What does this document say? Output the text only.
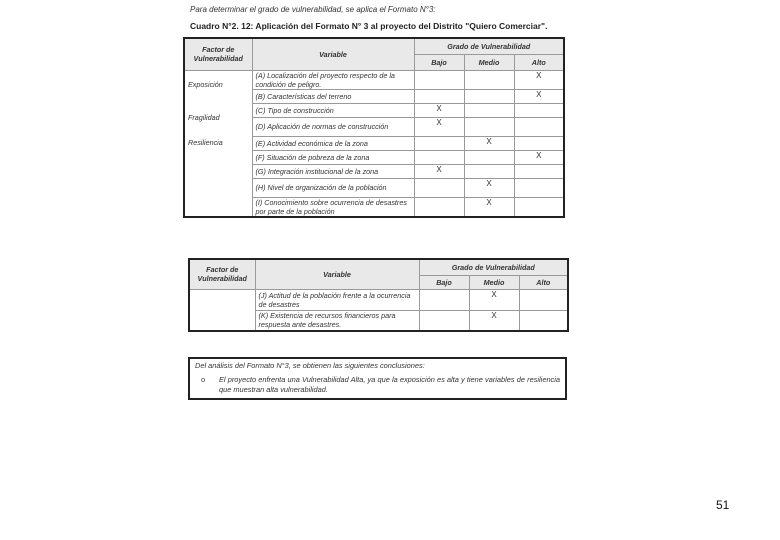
Para determinar el grado de vulnerabilidad, se aplica el Formato N°3:
Cuadro N°2. 12: Aplicación del Formato N° 3 al proyecto del Distrito "Quiero Comerciar".
Factor de Vulnerabilidad	Variable	Grado de Vulnerabilidad		
		Bajo	Medio	Alto
Exposición	(A) Localización del proyecto respecto de la condición de peligro.			X
	(B) Características del terreno			X
Fragilidad	(C) Tipo de construcción	X		
	(D) Aplicación de normas de construcción	X		
Resiliencia	(E) Actividad económica de la zona		X	
	(F) Situación de pobreza de la zona			X
	(G) Integración institucional de la zona	X		
	(H) Nivel de organización de la población		X	
	(I) Conocimiento sobre ocurrencia de desastres por parte de la población		X	
Factor de Vulnerabilidad	Variable	Grado de Vulnerabilidad		
		Bajo	Medio	Alto
	(J) Actitud de la población frente a la ocurrencia de desastres		X	
	(K) Existencia de recursos financieros para respuesta ante desastres.		X	
Del análisis del Formato N°3, se obtienen las siguientes conclusiones:
o	El proyecto enfrenta una Vulnerabilidad Alta, ya que la exposición es alta y tiene variables de resiliencia que muestran alta vulnerabilidad.
51
